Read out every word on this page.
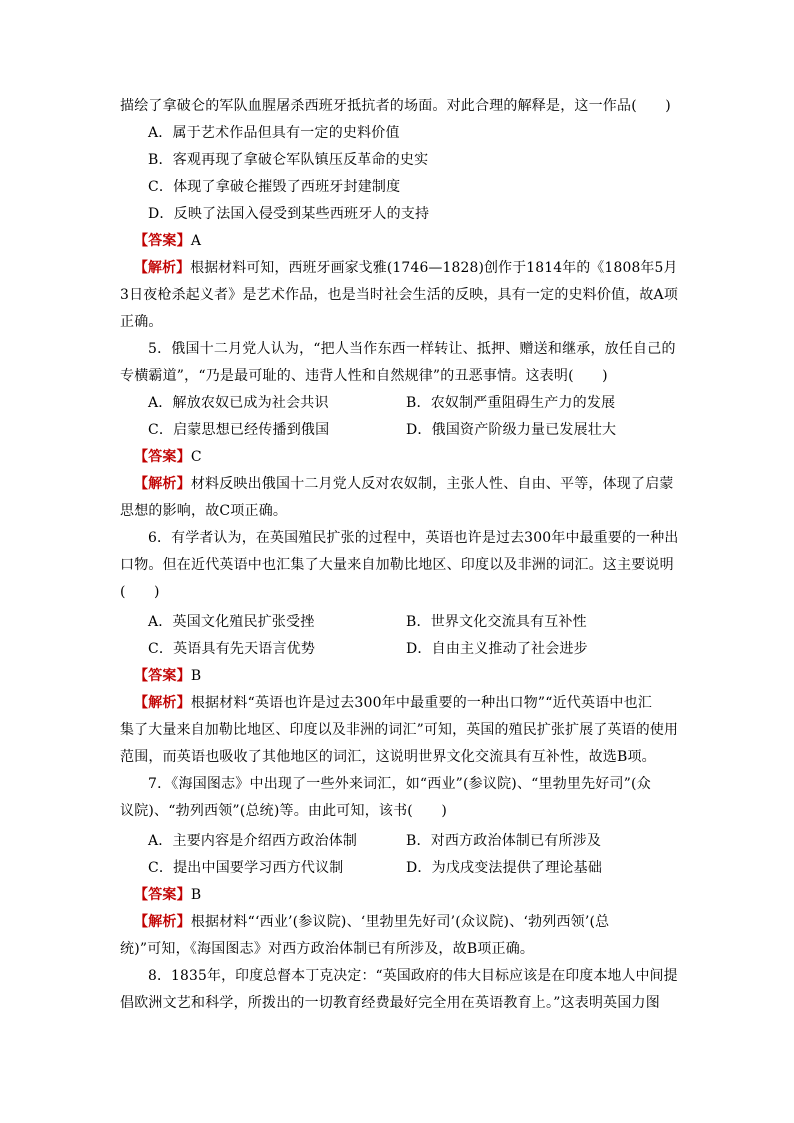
描绘了拿破仑的军队血腥屠杀西班牙抵抗者的场面。对此合理的解释是，这一作品(　　)
A．属于艺术作品但具有一定的史料价值
B．客观再现了拿破仑军队镇压反革命的史实
C．体现了拿破仑摧毁了西班牙封建制度
D．反映了法国入侵受到某些西班牙人的支持
【答案】A
【解析】根据材料可知，西班牙画家戈雅(1746—1828)创作于1814年的《1808年5月
3日夜枪杀起义者》是艺术作品，也是当时社会生活的反映，具有一定的史料价值，故A项
正确。
5．俄国十二月党人认为，“把人当作东西一样转让、抵押、赠送和继承，放任自己的
专横霸道”，“乃是最可耻的、违背人性和自然规律”的丑恶事情。这表明(　　)
A．解放农奴已成为社会共识	B．农奴制严重阻碍生产力的发展
C．启蒙思想已经传播到俄国	D．俄国资产阶级力量已发展壮大
【答案】C
【解析】材料反映出俄国十二月党人反对农奴制，主张人性、自由、平等，体现了启蒙
思想的影响，故C项正确。
6．有学者认为，在英国殖民扩张的过程中，英语也许是过去300年中最重要的一种出
口物。但在近代英语中也汇集了大量来自加勒比地区、印度以及非洲的词汇。这主要说明
(　　)
A．英国文化殖民扩张受挫	B．世界文化交流具有互补性
C．英语具有先天语言优势	D．自由主义推动了社会进步
【答案】B
【解析】根据材料“英语也许是过去300年中最重要的一种出口物”“近代英语中也汇
集了大量来自加勒比地区、印度以及非洲的词汇”可知，英国的殖民扩张扩展了英语的使用
范围，而英语也吸收了其他地区的词汇，这说明世界文化交流具有互补性，故选B项。
7．《海国图志》中出现了一些外来词汇，如“西业”(参议院)、“里勃里先好司”(众
议院)、“勃列西领”(总统)等。由此可知，该书(　　)
A．主要内容是介绍西方政治体制	B．对西方政治体制已有所涉及
C．提出中国要学习西方代议制	D．为戊戌变法提供了理论基础
【答案】B
【解析】根据材料“‘西业’(参议院)、‘里勃里先好司’(众议院)、‘勃列西领’(总
统)”可知，《海国图志》对西方政治体制已有所涉及，故B项正确。
8．1835年，印度总督本丁克决定：“英国政府的伟大目标应该是在印度本地人中间提
倡欧洲文艺和科学，所拨出的一切教育经费最好完全用在英语教育上。”这表明英国力图
